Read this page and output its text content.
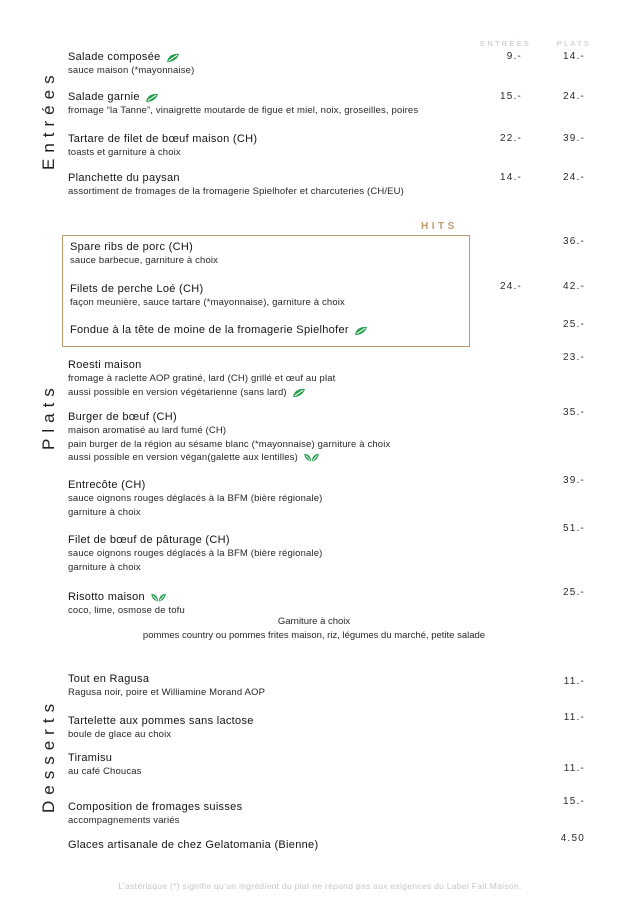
ENTRÉES	PLATS
Entrées
Plats
Desserts
Salade composée
sauce maison (*mayonnaise)
9.-	14.-
Salade garnie
fromage “la Tanne”, vinaigrette moutarde de figue et miel, noix, groseilles, poires
15.-	24.-
Tartare de filet de bœuf maison (CH)
toasts et garniture à choix
22.-	39.-
Planchette du paysan
assortiment de fromages de la fromagerie Spielhofer et charcuteries (CH/EU)
14.-	24.-
HITS
Spare ribs de porc (CH)
sauce barbecue, garniture à choix
36.-
Filets de perche Loé (CH)
façon meunière, sauce tartare (*mayonnaise), garniture à choix
24.-	42.-
Fondue à la tête de moine de la fromagerie Spielhofer	25.-
Roesti maison
fromage à raclette AOP gratiné, lard (CH) grillé et œuf au plat
aussi possible en version végétarienne (sans lard)
23.-
Burger de bœuf (CH)
maison aromatisé au lard fumé (CH)
pain burger de la région au sésame blanc (*mayonnaise) garniture à choix
aussi possible en version végan(galette aux lentilles)
35.-
Entrecôte (CH)
sauce oignons rouges déglacés à la BFM (bière régionale)
garniture à choix
39.-
Filet de bœuf de pâturage (CH)
sauce oignons rouges déglacés à la BFM (bière régionale)
garniture à choix
51.-
Risotto maison
coco, lime, osmose de tofu
25.-
Garniture à choix
pommes country ou pommes frites maison, riz, légumes du marché, petite salade
Tout en Ragusa
Ragusa noir, poire et Williamine Morand AOP
11.-
Tartelette aux pommes sans lactose
boule de glace au choix
11.-
Tiramisu
au café Choucas	11.-
Composition de fromages suisses
accompagnements variés
15.-
Glaces artisanale de chez Gelatomania (Bienne)
4.50
L’astérisque (*) signifie qu’un ingrédient du plat ne répond pas aux exigences du Label Fait Maison.
